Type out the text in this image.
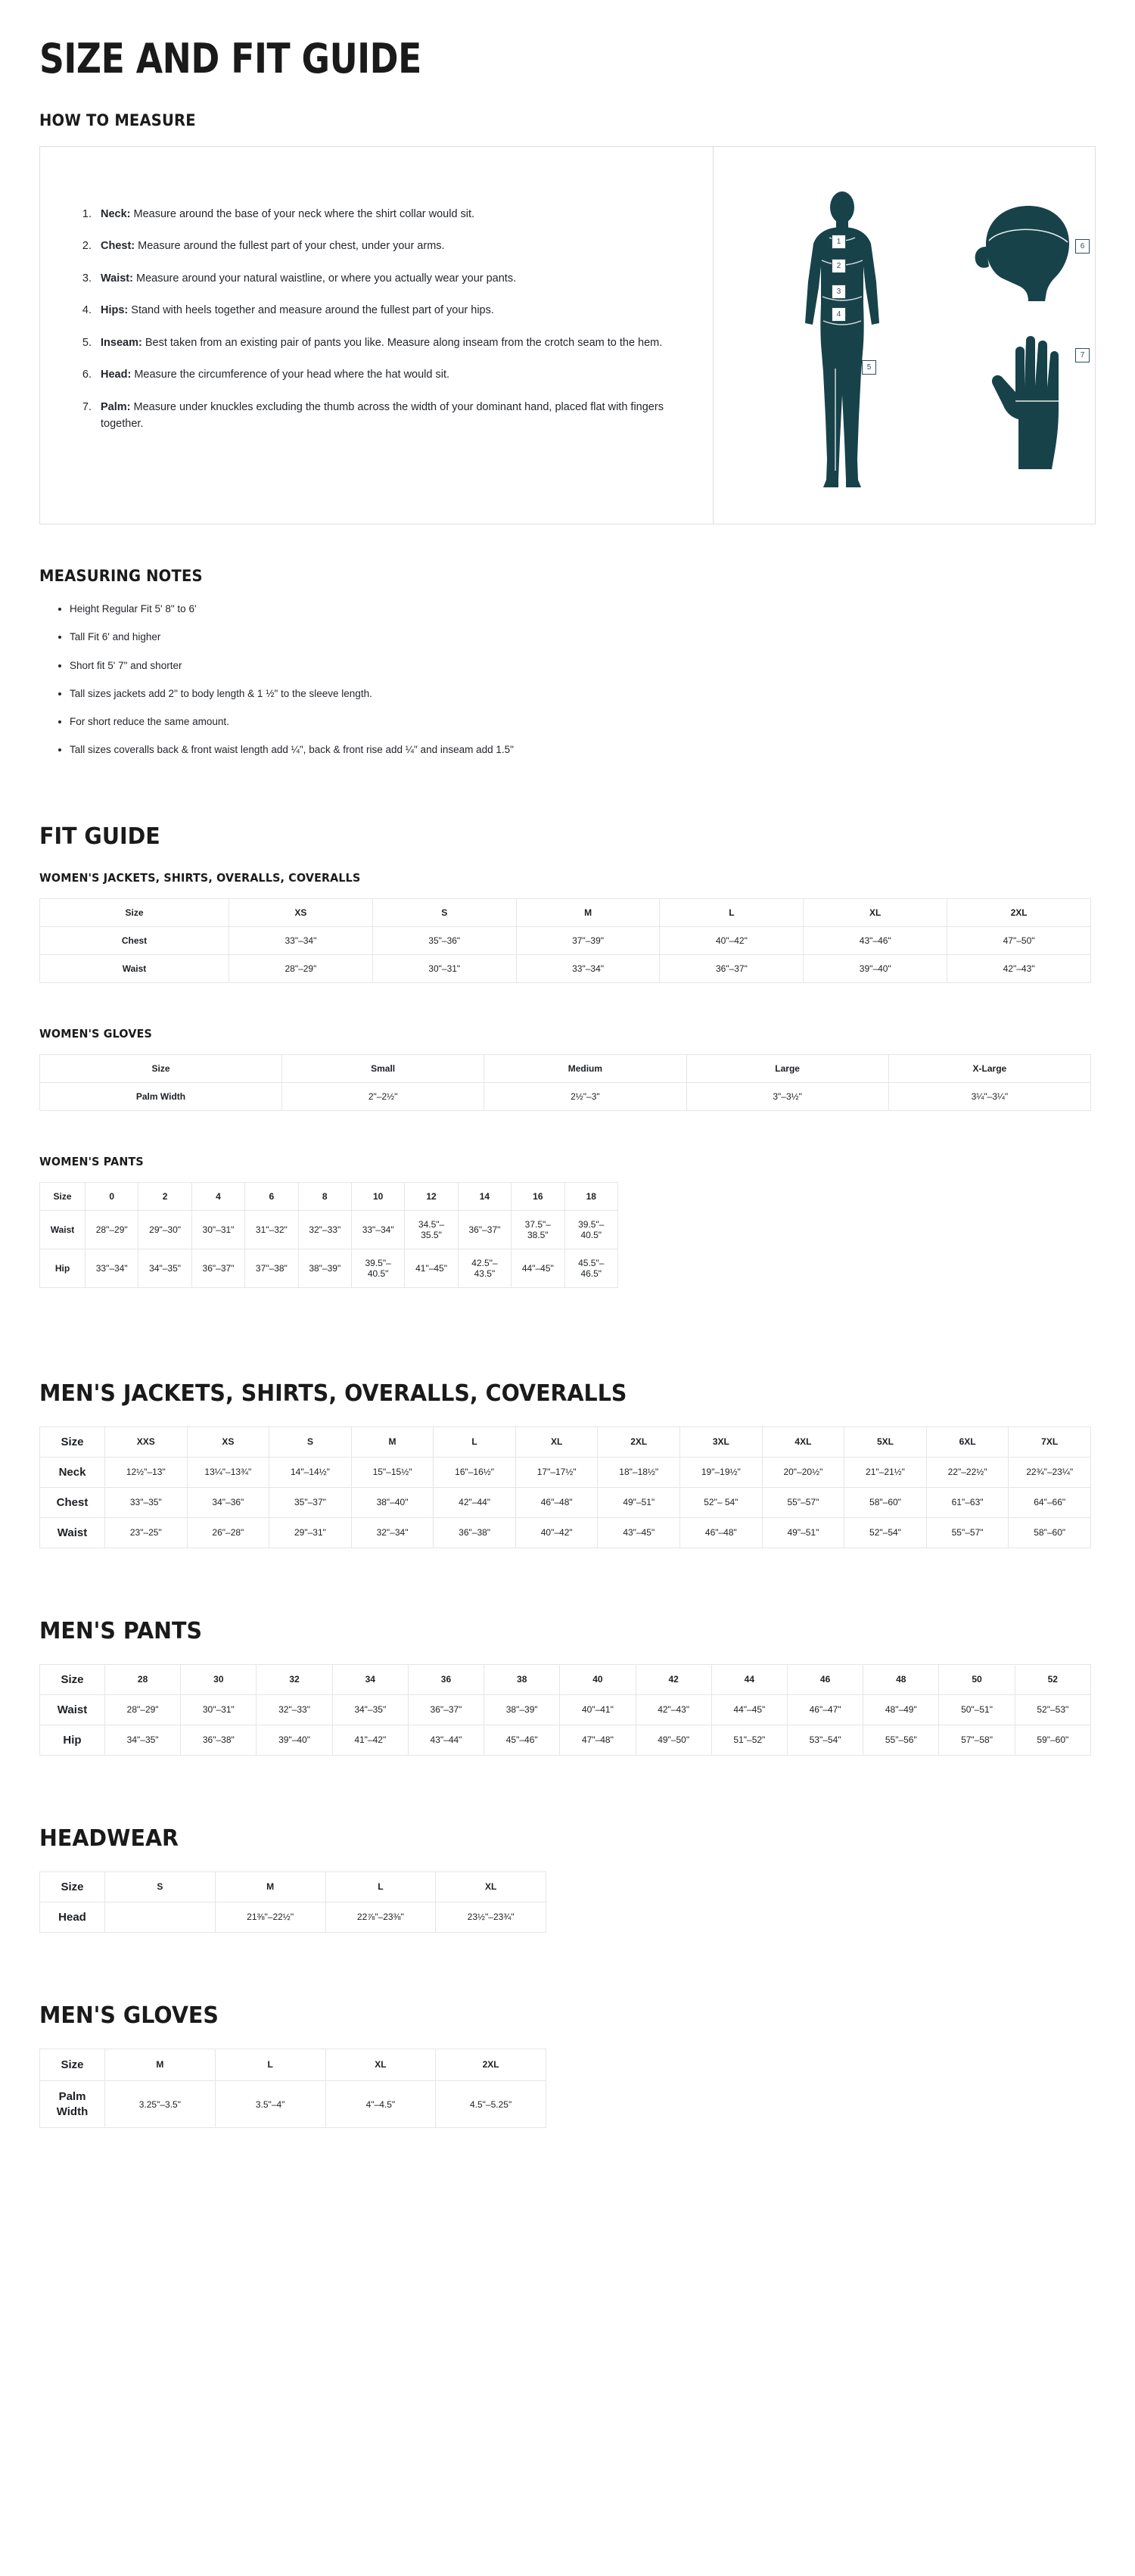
SIZE AND FIT GUIDE
HOW TO MEASURE
1. Neck: Measure around the base of your neck where the shirt collar would sit.
2. Chest: Measure around the fullest part of your chest, under your arms.
3. Waist: Measure around your natural waistline, or where you actually wear your pants.
4. Hips: Stand with heels together and measure around the fullest part of your hips.
5. Inseam: Best taken from an existing pair of pants you like. Measure along inseam from the crotch seam to the hem.
6. Head: Measure the circumference of your head where the hat would sit.
7. Palm: Measure under knuckles excluding the thumb across the width of your dominant hand, placed flat with fingers together.
1
2
3
4
5
6
7
MEASURING NOTES
• Height Regular Fit 5' 8" to 6'
• Tall Fit 6' and higher
• Short fit 5' 7" and shorter
• Tall sizes jackets add 2" to body length & 1 ½" to the sleeve length.
• For short reduce the same amount.
• Tall sizes coveralls back & front waist length add ¼", back & front rise add ¼" and inseam add 1.5"
FIT GUIDE
WOMEN'S JACKETS, SHIRTS, OVERALLS, COVERALLS
Size	XS	S	M	L	XL	2XL
Chest	33"–34"	35"–36"	37"–39"	40"–42"	43"–46"	47"–50"
Waist	28"–29"	30"–31"	33"–34"	36"–37"	39"–40"	42"–43"
WOMEN'S GLOVES
Size	Small	Medium	Large	X-Large
Palm Width	2"–2½"	2½"–3"	3"–3½"	3¼"–3¼"
WOMEN'S PANTS
Size	0	2	4	6	8	10	12	14	16	18
Waist	28"–29"	29"–30"	30"–31"	31"–32"	32"–33"	33"–34"	34.5"–35.5"	36"–37"	37.5"–38.5"	39.5"–40.5"
Hip	33"–34"	34"–35"	36"–37"	37"–38"	38"–39"	39.5"–40.5"	41"–45"	42.5"–43.5"	44"–45"	45.5"–46.5"
MEN'S JACKETS, SHIRTS, OVERALLS, COVERALLS
Size	XXS	XS	S	M	L	XL	2XL	3XL	4XL	5XL	6XL	7XL
Neck	12½"–13"	13¼"–13¾"	14"–14½"	15"–15½"	16"–16½"	17"–17½"	18"–18½"	19"–19½"	20"–20½"	21"–21½"	22"–22½"	22¾"–23¼"
Chest	33"–35"	34"–36"	35"–37"	38"–40"	42"–44"	46"–48"	49"–51"	52"– 54"	55"–57"	58"–60"	61"–63"	64"–66"
Waist	23"–25"	26"–28"	29"–31"	32"–34"	36"–38"	40"–42"	43"–45"	46"–48"	49"–51"	52"–54"	55"–57"	58"–60"
MEN'S PANTS
Size	28	30	32	34	36	38	40	42	44	46	48	50	52
Waist	28"–29"	30"–31"	32"–33"	34"–35"	36"–37"	38"–39"	40"–41"	42"–43"	44"–45"	46"–47"	48"–49"	50"–51"	52"–53"
Hip	34"–35"	36"–38"	39"–40"	41"–42"	43"–44"	45"–46"	47"–48"	49"–50"	51"–52"	53"–54"	55"–56"	57"–58"	59"–60"
HEADWEAR
Size	S	M	L	XL
Head		21⅜"–22½"	22⅞"–23⅜"	23½"–23¾"
MEN'S GLOVES
Size	M	L	XL	2XL
Palm Width	3.25"–3.5"	3.5"–4"	4"–4.5"	4.5"–5.25"
